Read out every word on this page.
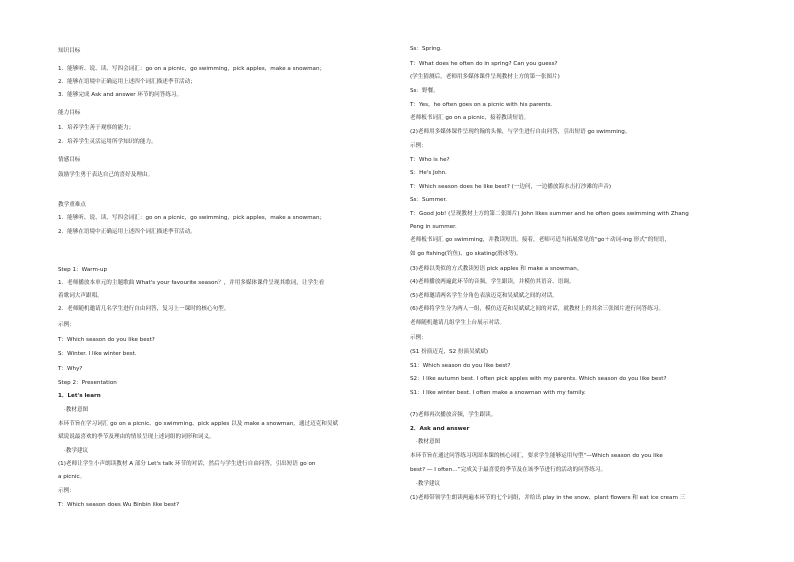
知识目标
1．能够听、说、读、写四会词汇：go on a picnic，go swimming，pick apples，make a snowman；
2．能够在语境中正确运用上述四个词汇描述季节活动；
3．能够完成 Ask and answer 环节的问答练习。
能力目标
1．培养学生善于观察的能力；
2．培养学生灵活运用所学知识的能力。
情感目标
鼓励学生勇于表达自己的喜好及理由。
教学重难点
1．能够听、说、读、写四会词汇：go on a picnic，go swimming，pick apples，make a snowman；
2．能够在语境中正确运用上述四个词汇描述季节活动。
Step 1：Warm-up
1．老师播放本单元的主题歌曲 What's your favourite season？，并用多媒体课件呈现其歌词，让学生看
着歌词大声跟唱。
2．老师随机邀请几名学生进行自由问答，复习上一课时的核心句型。
示例：
T：Which season do you like best?
S：Winter. I like winter best.
T：Why?
Step 2：Presentation
1．Let's learn
·教材意图
本环节旨在学习词汇 go on a picnic、go swimming、pick apples 以及 make a snowman，通过迈克和吴斌
斌说说最喜欢的季节及理由的情景呈现上述词组的词形和词义。
·教学建议
(1)老师让学生小声朗读教材 A 部分 Let's talk 环节的对话，然后与学生进行自由问答，引出短语 go on
a picnic。
示例：
T：Which season does Wu Binbin like best?
Ss：Spring.
T：What does he often do in spring? Can you guess?
(学生猜测后，老师用多媒体课件呈现教材上方的第一张图片)
Ss：野餐。
T：Yes，he often goes on a picnic with his parents.
老师板书词汇 go on a picnic，接着教读短语。
(2)老师用多媒体课件呈现约翰的头像，与学生进行自由问答，引出短语 go swimming。
示例：
T：Who is he?
S：He's John.
T：Which season does he like best? (一边问，一边播放海水击打沙滩的声音)
Ss：Summer.
T：Good job! (呈现教材上方的第二张图片) John likes summer and he often goes swimming with Zhang
Peng in summer.
老师板书词汇 go swimming，并教读短语。接着，老师可适当拓展常见的“go＋动词-ing 形式”的短语，
如 go fishing(钓鱼)、go skating(滑冰等)。
(3)老师以类似的方式教读短语 pick apples 和 make a snowman。
(4)老师播放两遍此环节的音频，学生跟读，并模仿其语音、语调。
(5)老师邀请两名学生分角色表演迈克和吴斌斌之间的对话。
(6)老师将学生分为两人一组，模仿迈克和吴斌斌之间的对话，就教材上的其余三张图片进行问答练习。
老师随机邀请几组学生上台展示对话。
示例：
(S1 扮演迈克，S2 扮演吴斌斌)
S1：Which season do you like best?
S2：I like autumn best. I often pick apples with my parents. Which season do you like best?
S1：I like winter best. I often make a snowman with my family.
(7)老师再次播放音频，学生跟读。
2．Ask and answer
·教材意图
本环节旨在通过问答练习巩固本课的核心词汇，要求学生能够运用句型“—Which season do you like
best? — I often…”完成关于最喜爱的季节及在该季节进行的活动的问答练习。
·教学建议
(1)老师带领学生朗读两遍本环节的七个词组，并给出 play in the snow、plant flowers 和 eat ice cream 三
